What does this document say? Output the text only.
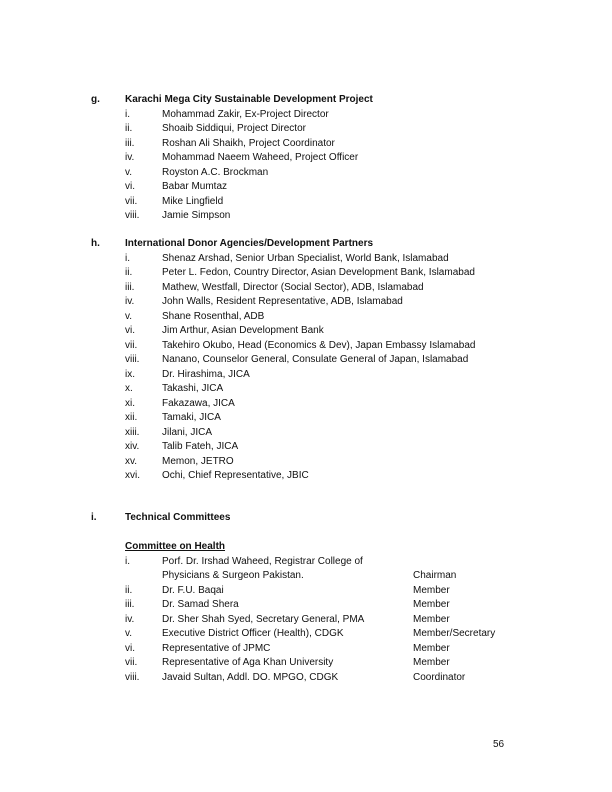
g.	Karachi Mega City Sustainable Development Project
i.	Mohammad Zakir, Ex-Project Director
ii.	Shoaib Siddiqui, Project Director
iii.	Roshan Ali Shaikh, Project Coordinator
iv.	Mohammad Naeem Waheed, Project Officer
v.	Royston A.C. Brockman
vi.	Babar Mumtaz
vii.	Mike Lingfield
viii.	Jamie Simpson
h.	International Donor Agencies/Development Partners
i.	Shenaz Arshad, Senior Urban Specialist, World Bank, Islamabad
ii.	Peter L. Fedon, Country Director, Asian Development Bank, Islamabad
iii.	Mathew, Westfall, Director (Social Sector), ADB, Islamabad
iv.	John Walls, Resident Representative, ADB, Islamabad
v.	Shane Rosenthal, ADB
vi.	Jim Arthur, Asian Development Bank
vii.	Takehiro Okubo, Head (Economics & Dev), Japan Embassy Islamabad
viii.	Nanano, Counselor General, Consulate General of Japan, Islamabad
ix.	Dr. Hirashima, JICA
x.	Takashi, JICA
xi.	Fakazawa, JICA
xii.	Tamaki, JICA
xiii.	Jilani, JICA
xiv.	Talib Fateh, JICA
xv.	Memon, JETRO
xvi.	Ochi, Chief Representative, JBIC
i.	Technical Committees
Committee on Health
i.	Porf. Dr. Irshad Waheed, Registrar College of
Physicians & Surgeon Pakistan.	Chairman
ii.	Dr. F.U. Baqai	Member
iii.	Dr. Samad Shera	Member
iv.	Dr. Sher Shah Syed, Secretary General, PMA	Member
v.	Executive District Officer (Health), CDGK	Member/Secretary
vi.	Representative of JPMC	Member
vii.	Representative of Aga Khan University	Member
viii.	Javaid Sultan, Addl. DO. MPGO, CDGK	Coordinator
56
